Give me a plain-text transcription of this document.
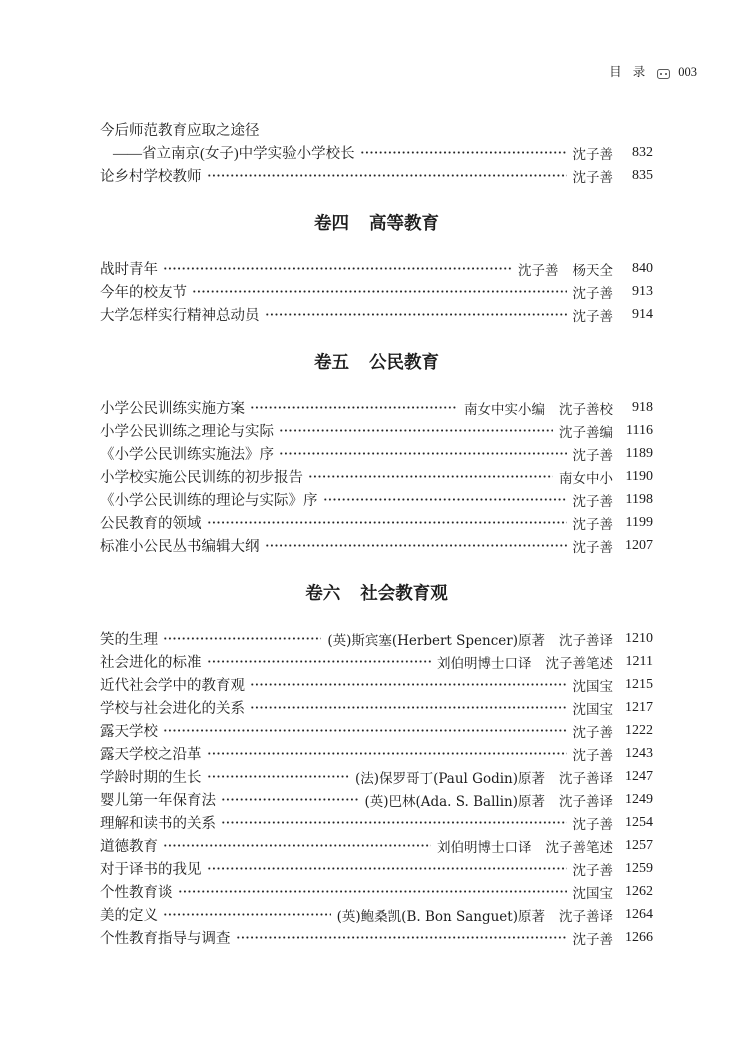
目 录 003
今后师范教育应取之途径
——省立南京(女子)中学实验小学校长	沈子善	832
论乡村学校教师	沈子善	835
卷四 高等教育
战时青年	沈子善 杨天全	840
今年的校友节	沈子善	913
大学怎样实行精神总动员	沈子善	914
卷五 公民教育
小学公民训练实施方案	南女中实小编 沈子善校	918
小学公民训练之理论与实际	沈子善编 1116
《小学公民训练实施法》序	沈子善 1189
小学校实施公民训练的初步报告	南女中小 1190
《小学公民训练的理论与实际》序	沈子善 1198
公民教育的领域	沈子善 1199
标准小公民丛书编辑大纲	沈子善 1207
卷六 社会教育观
笑的生理	(英)斯宾塞(Herbert Spencer)原著 沈子善译 1210
社会进化的标准	刘伯明博士口译 沈子善笔述 1211
近代社会学中的教育观	沈国宝 1215
学校与社会进化的关系	沈国宝 1217
露天学校	沈子善 1222
露天学校之沿革	沈子善 1243
学龄时期的生长	(法)保罗哥丁(Paul Godin)原著 沈子善译 1247
婴儿第一年保育法	(英)巴林(Ada. S. Ballin)原著 沈子善译 1249
理解和读书的关系	沈子善 1254
道德教育	刘伯明博士口译 沈子善笔述 1257
对于译书的我见	沈子善 1259
个性教育谈	沈国宝 1262
美的定义	(英)鲍桑凯(B. Bon Sanguet)原著 沈子善译 1264
个性教育指导与调查	沈子善 1266
